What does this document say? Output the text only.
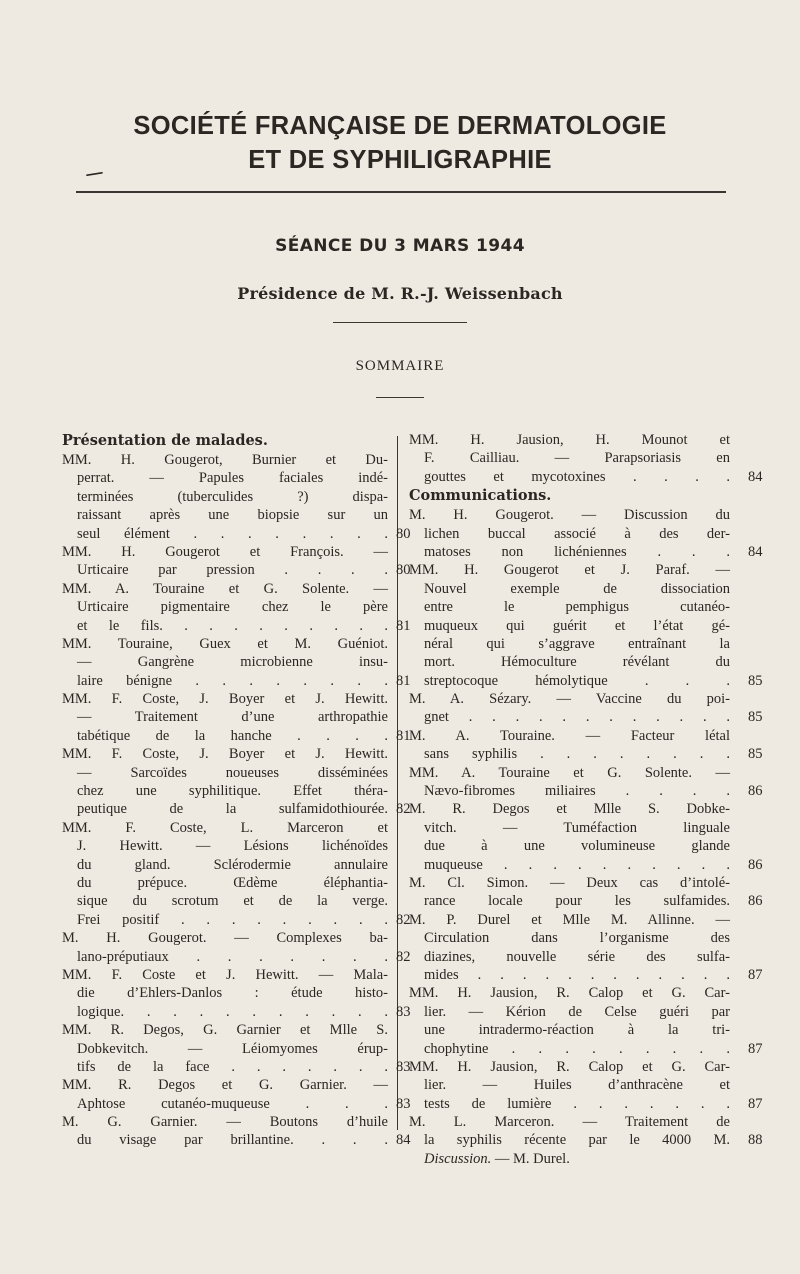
SOCIÉTÉ FRANÇAISE DE DERMATOLOGIE
ET DE SYPHILIGRAPHIE
SÉANCE DU 3 MARS 1944
Présidence de M. R.-J. Weissenbach
SOMMAIRE
Présentation de malades.
MM. H. Gougerot, Burnier et Du-
perrat. — Papules faciales indé-
terminées (tuberculides ?) dispa-
raissant après une biopsie sur un
seul élément . . . . . . . . 80
MM. H. Gougerot et François. —
Urticaire par pression . . . . 80
MM. A. Touraine et G. Solente. —
Urticaire pigmentaire chez le père
et le fils. . . . . . . . . . 81
MM. Touraine, Guex et M. Guéniot.
— Gangrène microbienne insu-
laire bénigne . . . . . . . . 81
MM. F. Coste, J. Boyer et J. Hewitt.
— Traitement d’une arthropathie
tabétique de la hanche . . . . 81
MM. F. Coste, J. Boyer et J. Hewitt.
— Sarcoïdes noueuses disséminées
chez une syphilitique. Effet théra-
peutique de la sulfamidothiourée. 82
MM. F. Coste, L. Marceron et
J. Hewitt. — Lésions lichénoïdes
du gland. Sclérodermie annulaire
du prépuce. Œdème éléphantia-
sique du scrotum et de la verge.
Frei positif . . . . . . . . . 82
M. H. Gougerot. — Complexes ba-
lano-préputiaux . . . . . . . 82
MM. F. Coste et J. Hewitt. — Mala-
die d’Ehlers-Danlos : étude histo-
logique. . . . . . . . . . . 83
MM. R. Degos, G. Garnier et Mlle S.
Dobkevitch. — Léiomyomes érup-
tifs de la face . . . . . . . 83
MM. R. Degos et G. Garnier. —
Aphtose cutanéo-muqueuse . . . 83
M. G. Garnier. — Boutons d’huile
du visage par brillantine. . . . 84
MM. H. Jausion, H. Mounot et
F. Cailliau. — Parapsoriasis en
gouttes et mycotoxines . . . . 84
Communications.
M. H. Gougerot. — Discussion du
lichen buccal associé à des der-
matoses non lichéniennes . . . 84
MM. H. Gougerot et J. Paraf. —
Nouvel exemple de dissociation
entre le pemphigus cutanéo-
muqueux qui guérit et l’état gé-
néral qui s’aggrave entraînant la
mort. Hémoculture révélant du
streptocoque hémolytique . . . 85
M. A. Sézary. — Vaccine du poi-
gnet . . . . . . . . . . . . 85
M. A. Touraine. — Facteur létal
sans syphilis . . . . . . . . 85
MM. A. Touraine et G. Solente. —
Nævo-fibromes miliaires . . . . 86
M. R. Degos et Mlle S. Dobke-
vitch. — Tuméfaction linguale
due à une volumineuse glande
muqueuse . . . . . . . . . . 86
M. Cl. Simon. — Deux cas d’intolé-
rance locale pour les sulfamides. 86
M. P. Durel et Mlle M. Allinne. —
Circulation dans l’organisme des
diazines, nouvelle série des sulfa-
mides . . . . . . . . . . . . 87
MM. H. Jausion, R. Calop et G. Car-
lier. — Kérion de Celse guéri par
une intradermo-réaction à la tri-
chophytine . . . . . . . . . 87
MM. H. Jausion, R. Calop et G. Car-
lier. — Huiles d’anthracène et
tests de lumière . . . . . . . 87
M. L. Marceron. — Traitement de
la syphilis récente par le 4000 M. 88
Discussion. — M. Durel.
